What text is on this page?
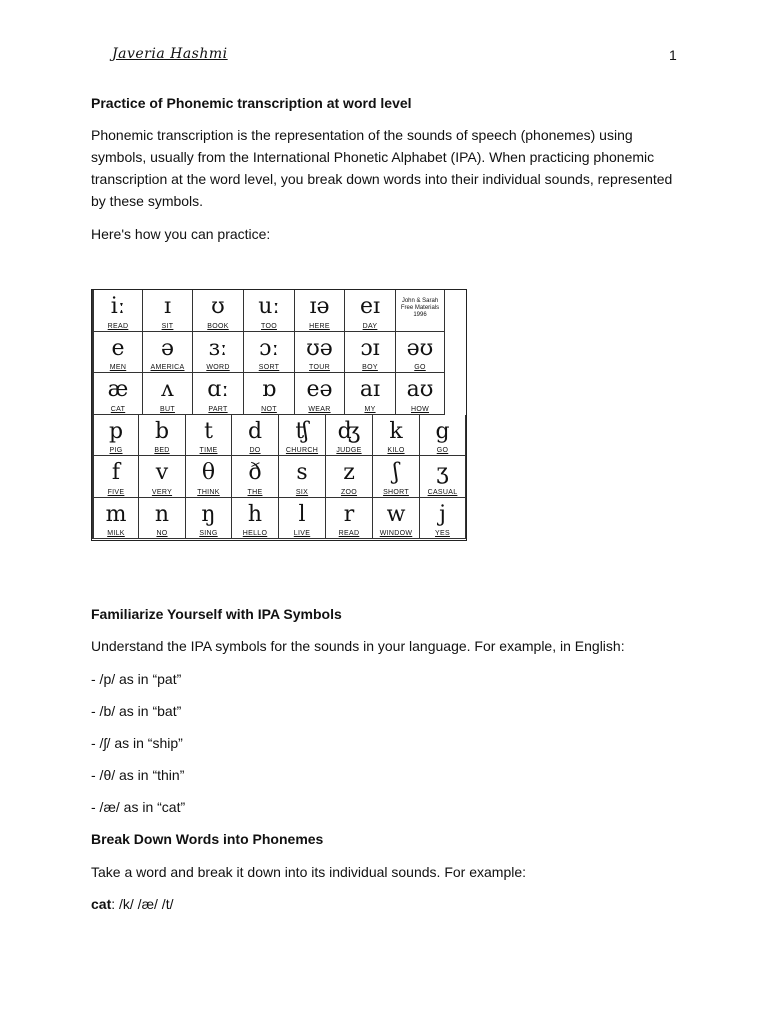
Javeria Hashmi	1
Practice of Phonemic transcription at word level
Phonemic transcription is the representation of the sounds of speech (phonemes) using symbols, usually from the International Phonetic Alphabet (IPA). When practicing phonemic transcription at the word level, you break down words into their individual sounds, represented by these symbols.
Here's how you can practice:
iː
READ
ɪ
SIT
ʊ
BOOK
uː
TOO
ɪə
HERE
eɪ
DAY
John & Sarah
Free Materials
1996
e
MEN
ə
AMERICA
ɜː
WORD
ɔː
SORT
ʊə
TOUR
ɔɪ
BOY
əʊ
GO
æ
CAT
ʌ
BUT
ɑː
PART
ɒ
NOT
eə
WEAR
aɪ
MY
aʊ
HOW
p
PIG
b
BED
t
TIME
d
DO
ʧ
CHURCH
ʤ
JUDGE
k
KILO
g
GO
f
FIVE
v
VERY
θ
THINK
ð
THE
s
SIX
z
ZOO
ʃ
SHORT
ʒ
CASUAL
m
MILK
n
NO
ŋ
SING
h
HELLO
l
LIVE
r
READ
w
WINDOW
j
YES
Familiarize Yourself with IPA Symbols
Understand the IPA symbols for the sounds in your language. For example, in English:
- /p/ as in “pat”
- /b/ as in “bat”
- /ʃ/ as in “ship”
- /θ/ as in “thin”
- /æ/ as in “cat”
Break Down Words into Phonemes
Take a word and break it down into its individual sounds. For example:
cat: /k/ /æ/ /t/
